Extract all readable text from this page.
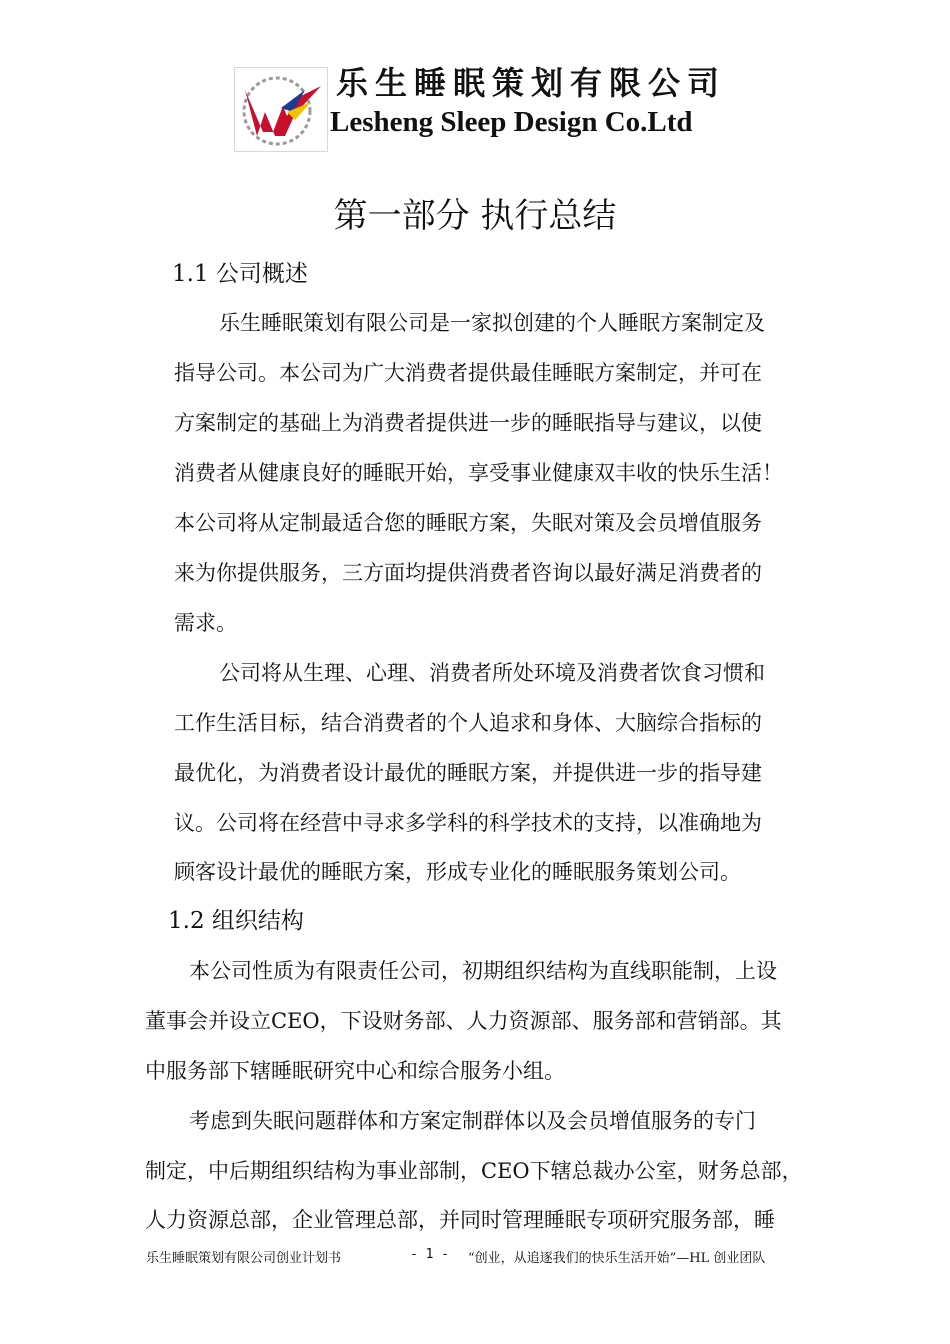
乐生睡眠策划有限公司
Lesheng Sleep Design Co.Ltd
第一部分 执行总结
1.1 公司概述
乐生睡眠策划有限公司是一家拟创建的个人睡眠方案制定及
指导公司。本公司为广大消费者提供最佳睡眠方案制定，并可在
方案制定的基础上为消费者提供进一步的睡眠指导与建议，以使
消费者从健康良好的睡眠开始，享受事业健康双丰收的快乐生活！
本公司将从定制最适合您的睡眠方案，失眠对策及会员增值服务
来为你提供服务，三方面均提供消费者咨询以最好满足消费者的
需求。
公司将从生理、心理、消费者所处环境及消费者饮食习惯和
工作生活目标，结合消费者的个人追求和身体、大脑综合指标的
最优化，为消费者设计最优的睡眠方案，并提供进一步的指导建
议。公司将在经营中寻求多学科的科学技术的支持，以准确地为
顾客设计最优的睡眠方案，形成专业化的睡眠服务策划公司。
1.2 组织结构
本公司性质为有限责任公司，初期组织结构为直线职能制，上设
董事会并设立CEO，下设财务部、人力资源部、服务部和营销部。其
中服务部下辖睡眠研究中心和综合服务小组。
考虑到失眠问题群体和方案定制群体以及会员增值服务的专门
制定，中后期组织结构为事业部制，CEO下辖总裁办公室，财务总部，
人力资源总部，企业管理总部，并同时管理睡眠专项研究服务部，睡
乐生睡眠策划有限公司创业计划书	- 1 - “创业，从追逐我们的快乐生活开始”—HL 创业团队
